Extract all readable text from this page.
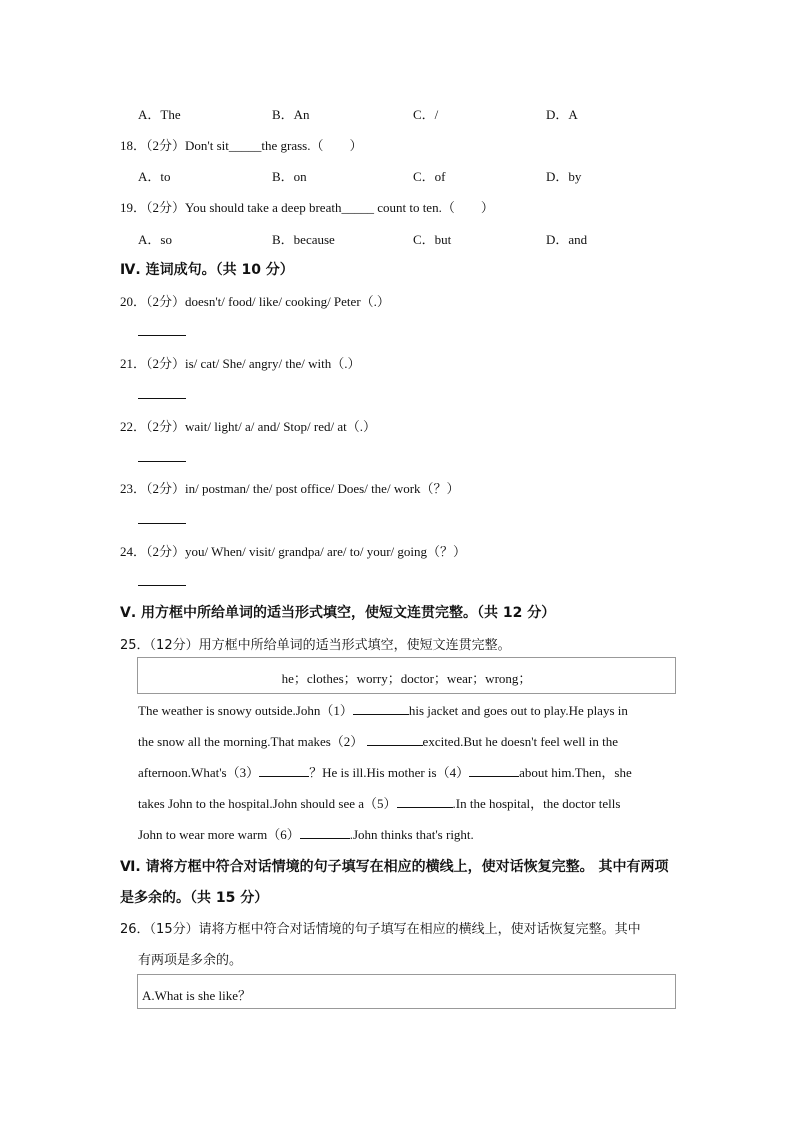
A．The	B．An	C．/	D．A
18．（2分）Don't sit_____the grass.（　　）
A．to	B．on	C．of	D．by
19．（2分）You should take a deep breath_____ count to ten.（　　）
A．so	B．because	C．but	D．and
Ⅳ. 连词成句。（共 10 分）
20．（2分）doesn't/ food/ like/ cooking/ Peter（.）
21．（2分）is/ cat/ She/ angry/ the/ with（.）
22．（2分）wait/ light/ a/ and/ Stop/ red/ at（.）
23．（2分）in/ postman/ the/ post office/ Does/ the/ work（？）
24．（2分）you/ When/ visit/ grandpa/ are/ to/ your/ going（？）
Ⅴ. 用方框中所给单词的适当形式填空，使短文连贯完整。（共 12 分）
25．（12分）用方框中所给单词的适当形式填空，使短文连贯完整。
he；clothes；worry；doctor；wear；wrong；
The weather is snowy outside.John（1）	his jacket and goes out to play.He plays in
the snow all the morning.That makes（2）	excited.But he doesn't feel well in the
afternoon.What's（3）	？He is ill.His mother is（4）	about him.Then，she
takes John to the hospital.John should see a（5）	.In the hospital，the doctor tells
John to wear more warm（6）	.John thinks that's right.
Ⅵ. 请将方框中符合对话情境的句子填写在相应的横线上，使对话恢复完整。 其中有两项
是多余的。（共 15 分）
26．（15分）请将方框中符合对话情境的句子填写在相应的横线上，使对话恢复完整。其中
有两项是多余的。
A.What is she like？
